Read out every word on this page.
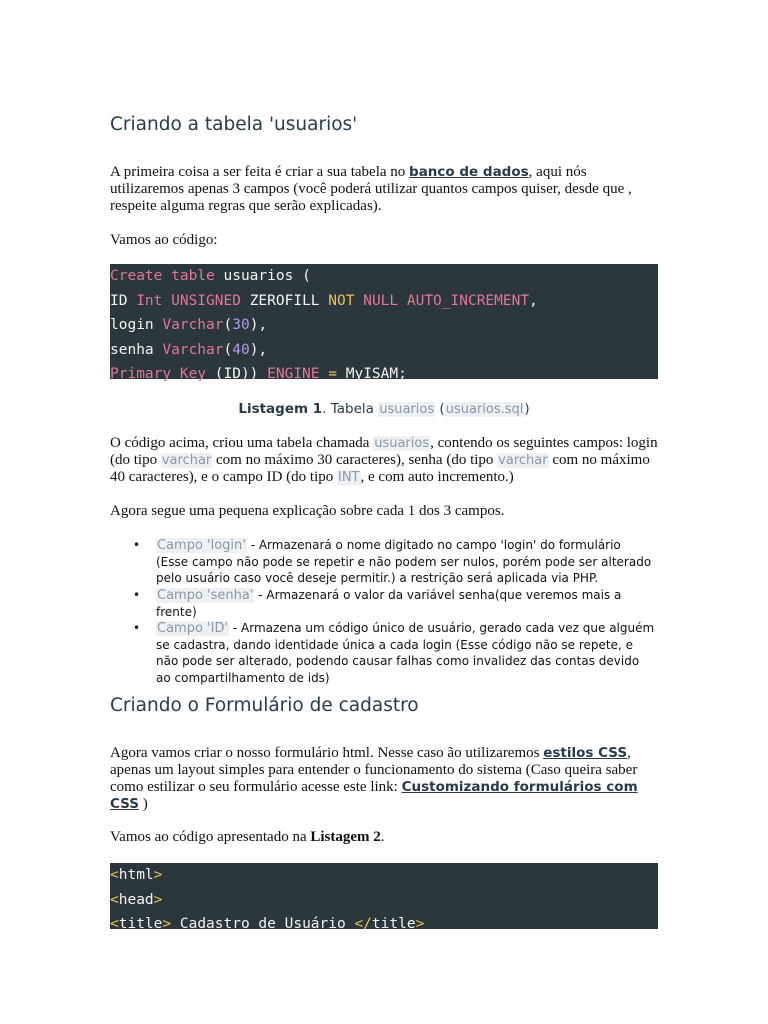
Criando a tabela 'usuarios'

A primeira coisa a ser feita é criar a sua tabela no banco de dados, aqui nós utilizaremos apenas 3 campos (você poderá utilizar quantos campos quiser, desde que , respeite alguma regras que serão explicadas).

Vamos ao código:

Create table usuarios (
ID Int UNSIGNED ZEROFILL NOT NULL AUTO_INCREMENT,
login Varchar(30),
senha Varchar(40),
Primary Key (ID)) ENGINE = MyISAM;
Listagem 1. Tabela usuarios (usuarios.sql)

O código acima, criou uma tabela chamada usuarios, contendo os seguintes campos: login (do tipo varchar com no máximo 30 caracteres), senha (do tipo varchar com no máximo 40 caracteres), e o campo ID (do tipo INT, e com auto incremento.)

Agora segue uma pequena explicação sobre cada 1 dos 3 campos.

• Campo 'login' - Armazenará o nome digitado no campo 'login' do formulário (Esse campo não pode se repetir e não podem ser nulos, porém pode ser alterado pelo usuário caso você deseje permitir.) a restrição será aplicada via PHP.
• Campo 'senha' - Armazenará o valor da variável senha(que veremos mais a frente)
• Campo 'ID' - Armazena um código único de usuário, gerado cada vez que alguém se cadastra, dando identidade única a cada login (Esse código não se repete, e não pode ser alterado, podendo causar falhas como invalidez das contas devido ao compartilhamento de ids)
Criando o Formulário de cadastro

Agora vamos criar o nosso formulário html. Nesse caso ão utilizaremos estilos CSS, apenas um layout simples para entender o funcionamento do sistema (Caso queira saber como estilizar o seu formulário acesse este link: Customizando formulários com CSS )

Vamos ao código apresentado na Listagem 2.

<html>
<head>
<title> Cadastro de Usuário </title>
